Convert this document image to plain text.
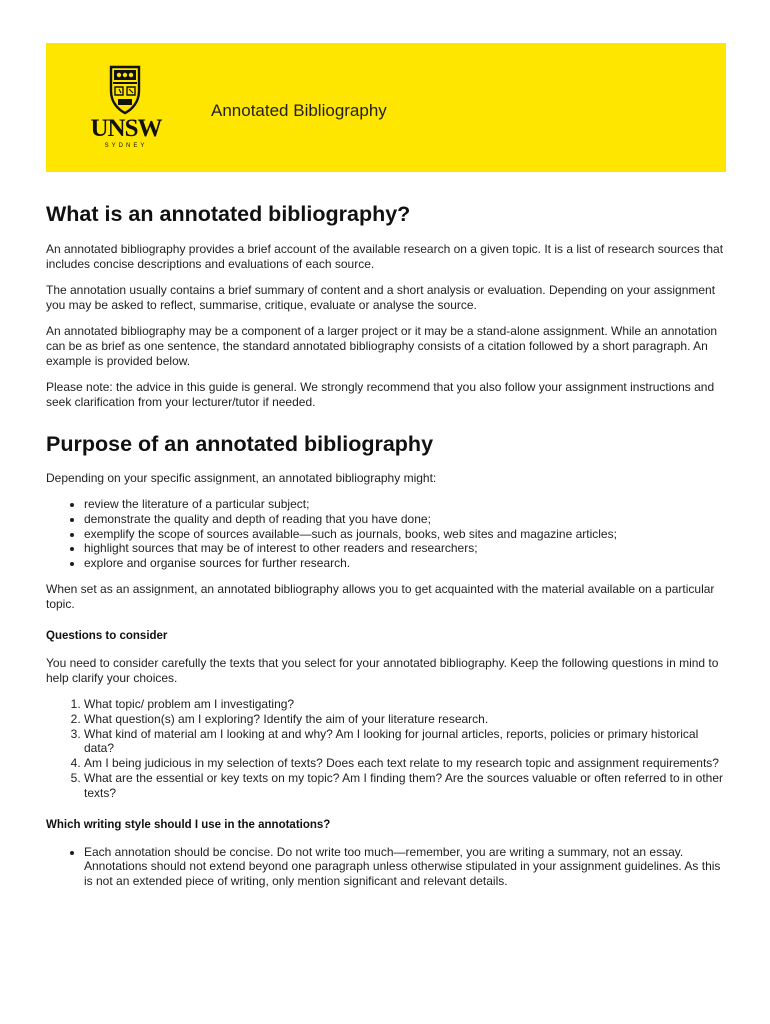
UNSW
SYDNEY
Annotated Bibliography
What is an annotated bibliography?

An annotated bibliography provides a brief account of the available research on a given topic. It is a list of research sources that includes concise descriptions and evaluations of each source.

The annotation usually contains a brief summary of content and a short analysis or evaluation. Depending on your assignment you may be asked to reflect, summarise, critique, evaluate or analyse the source.

An annotated bibliography may be a component of a larger project or it may be a stand-alone assignment. While an annotation can be as brief as one sentence, the standard annotated bibliography consists of a citation followed by a short paragraph. An example is provided below.

Please note: the advice in this guide is general. We strongly recommend that you also follow your assignment instructions and seek clarification from your lecturer/tutor if needed.

Purpose of an annotated bibliography

Depending on your specific assignment, an annotated bibliography might:

• review the literature of a particular subject;
• demonstrate the quality and depth of reading that you have done;
• exemplify the scope of sources available—such as journals, books, web sites and magazine articles;
• highlight sources that may be of interest to other readers and researchers;
• explore and organise sources for further research.

When set as an assignment, an annotated bibliography allows you to get acquainted with the material available on a particular topic.

Questions to consider

You need to consider carefully the texts that you select for your annotated bibliography. Keep the following questions in mind to help clarify your choices.

1. What topic/ problem am I investigating?
2. What question(s) am I exploring? Identify the aim of your literature research.
3. What kind of material am I looking at and why? Am I looking for journal articles, reports, policies or primary historical data?
4. Am I being judicious in my selection of texts? Does each text relate to my research topic and assignment requirements?
5. What are the essential or key texts on my topic? Am I finding them? Are the sources valuable or often referred to in other texts?
Which writing style should I use in the annotations?
• Each annotation should be concise. Do not write too much—remember, you are writing a summary, not an essay. Annotations should not extend beyond one paragraph unless otherwise stipulated in your assignment guidelines. As this is not an extended piece of writing, only mention significant and relevant details.
